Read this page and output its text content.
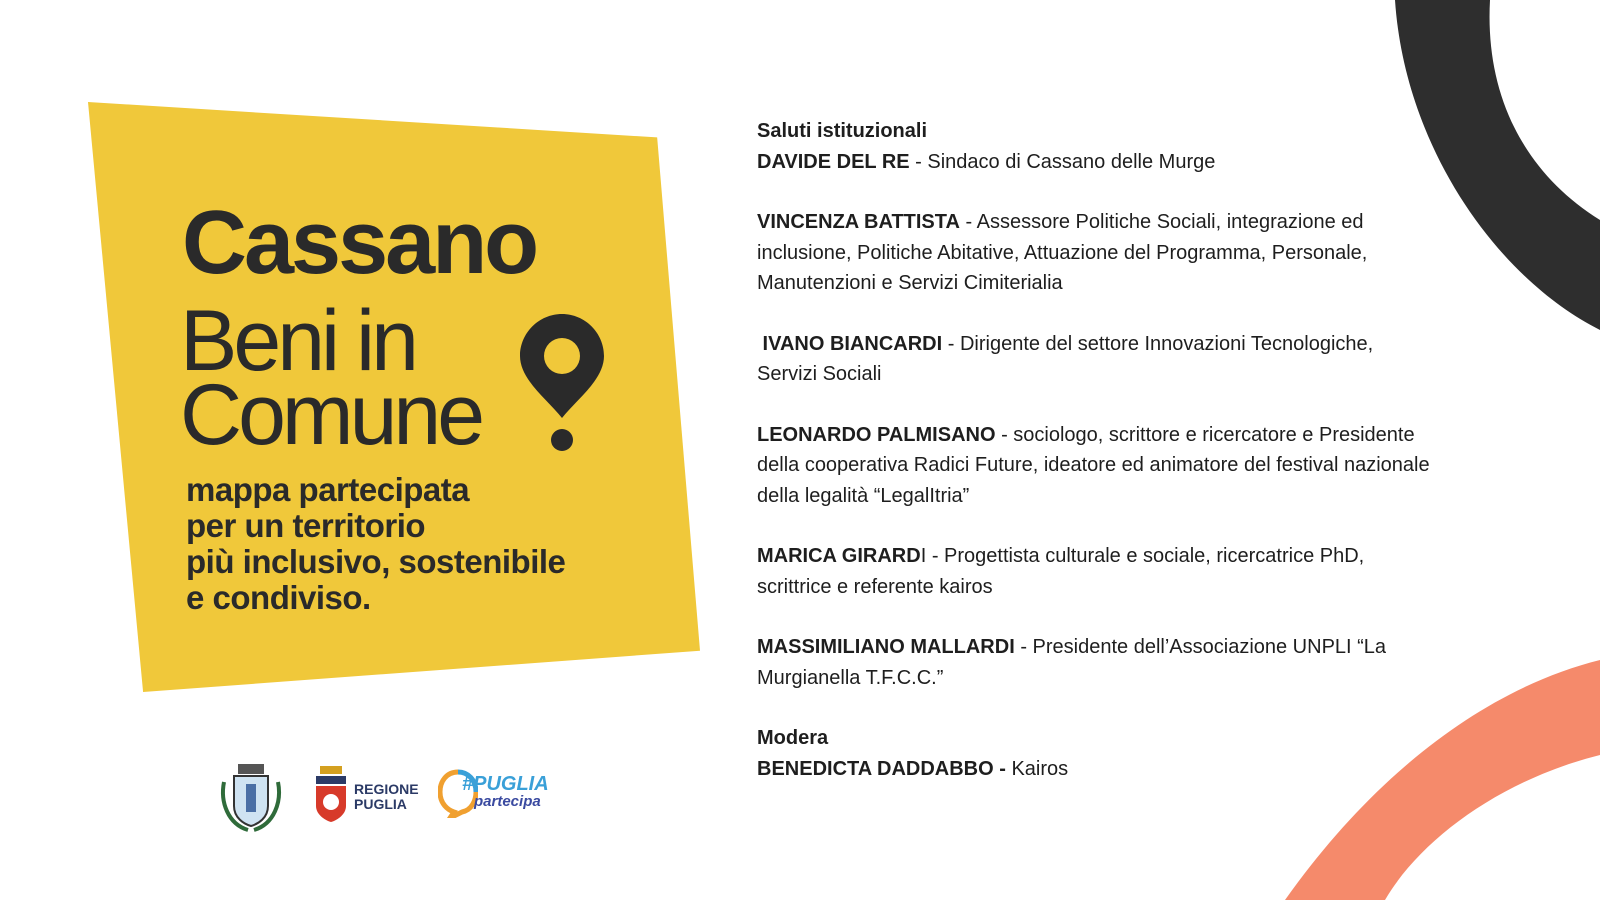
Cassano
Beni in
Comune
mappa partecipata
per un territorio
più inclusivo, sostenibile
e condiviso.
REGIONE
PUGLIA
#PUGLIA
partecipa

Saluti istituzionali

DAVIDE DEL RE - Sindaco di Cassano delle Murge

VINCENZA BATTISTA - Assessore Politiche Sociali, integrazione ed inclusione, Politiche Abitative, Attuazione del Programma, Personale, Manutenzioni e Servizi Cimiterialia

IVANO BIANCARDI - Dirigente del settore Innovazioni Tecnologiche, Servizi Sociali

LEONARDO PALMISANO - sociologo, scrittore e ricercatore e Presidente della cooperativa Radici Future, ideatore ed animatore del festival nazionale della legalità “LegalItria”

MARICA GIRARDI - Progettista culturale e sociale, ricercatrice PhD, scrittrice e referente kairos

MASSIMILIANO MALLARDI - Presidente dell’Associazione UNPLI “La Murgianella T.F.C.C.”

Modera

BENEDICTA DADDABBO - Kairos
